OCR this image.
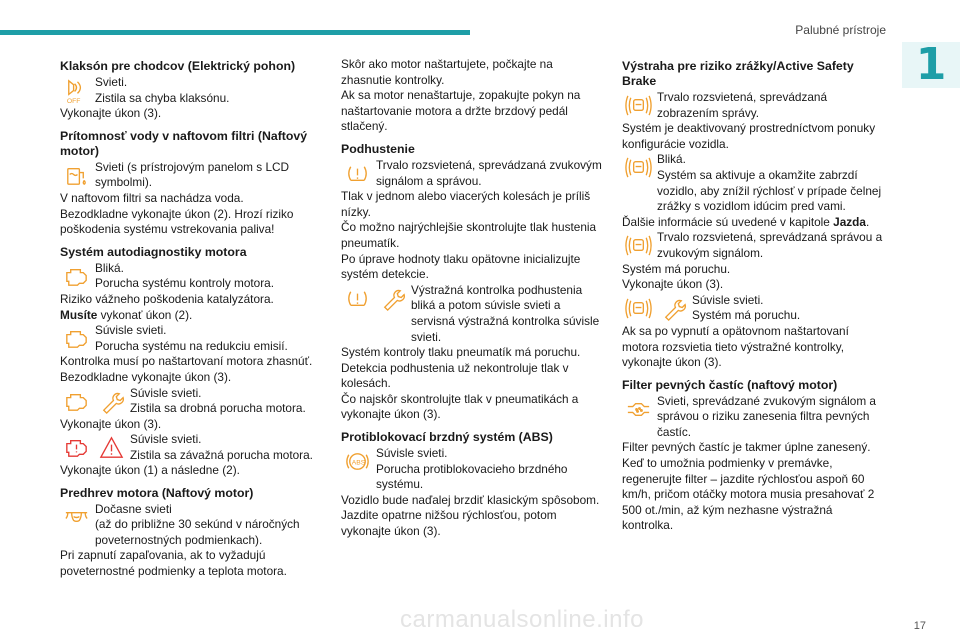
Palubné prístroje
1
17
carmanualsonline.info
Klaksón pre chodcov (Elektrický pohon)
OFF

Svieti.

Zistila sa chyba klaksónu.

Vykonajte úkon (3).

Prítomnosť vody v naftovom filtri (Naftový motor)

Svieti (s prístrojovým panelom s LCD symbolmi).

V naftovom filtri sa nachádza voda.

Bezodkladne vykonajte úkon (2). Hrozí riziko poškodenia systému vstrekovania paliva!

Systém autodiagnostiky motora

Bliká.

Porucha systému kontroly motora.

Riziko vážneho poškodenia katalyzátora.

Musíte vykonať úkon (2).

Súvisle svieti.

Porucha systému na redukciu emisií.

Kontrolka musí po naštartovaní motora zhasnúť.

Bezodkladne vykonajte úkon (3).

Súvisle svieti.

Zistila sa drobná porucha motora.

Vykonajte úkon (3).

Súvisle svieti.

Zistila sa závažná porucha motora.

Vykonajte úkon (1) a následne (2).

Predhrev motora (Naftový motor)

Dočasne svieti

(až do približne 30 sekúnd v náročných poveternostných podmienkach).

Pri zapnutí zapaľovania, ak to vyžadujú poveternostné podmienky a teplota motora.

Skôr ako motor naštartujete, počkajte na zhasnutie kontrolky.

Ak sa motor nenaštartuje, zopakujte pokyn na naštartovanie motora a držte brzdový pedál stlačený.

Podhustenie

Trvalo rozsvietená, sprevádzaná zvukovým signálom a správou.

Tlak v jednom alebo viacerých kolesách je príliš nízky.

Čo možno najrýchlejšie skontrolujte tlak hustenia pneumatík.

Po úprave hodnoty tlaku opätovne inicializujte systém detekcie.

Výstražná kontrolka podhustenia bliká a potom súvisle svieti a servisná výstražná kontrolka súvisle svieti.

Systém kontroly tlaku pneumatík má poruchu. Detekcia podhustenia už nekontroluje tlak v kolesách.

Čo najskôr skontrolujte tlak v pneumatikách a vykonajte úkon (3).

Protiblokovací brzdný systém (ABS)
ABS

Súvisle svieti.

Porucha protiblokovacieho brzdného systému.

Vozidlo bude naďalej brzdiť klasickým spôsobom.

Jazdite opatrne nižšou rýchlosťou, potom vykonajte úkon (3).

Výstraha pre riziko zrážky/Active Safety Brake

Trvalo rozsvietená, sprevádzaná zobrazením správy.

Systém je deaktivovaný prostredníctvom ponuky konfigurácie vozidla.

Bliká.

Systém sa aktivuje a okamžite zabrzdí vozidlo, aby znížil rýchlosť v prípade čelnej zrážky s vozidlom idúcim pred vami.

Ďalšie informácie sú uvedené v kapitole Jazda.

Trvalo rozsvietená, sprevádzaná správou a zvukovým signálom.

Systém má poruchu.

Vykonajte úkon (3).

Súvisle svieti.

Systém má poruchu.

Ak sa po vypnutí a opätovnom naštartovaní motora rozsvietia tieto výstražné kontrolky, vykonajte úkon (3).

Filter pevných častíc (naftový motor)

Svieti, sprevádzané zvukovým signálom a správou o riziku zanesenia filtra pevných častíc.

Filter pevných častíc je takmer úplne zanesený.

Keď to umožnia podmienky v premávke, regenerujte filter – jazdite rýchlosťou aspoň 60 km/h, pričom otáčky motora musia presahovať 2 500 ot./min, až kým nezhasne výstražná kontrolka.
